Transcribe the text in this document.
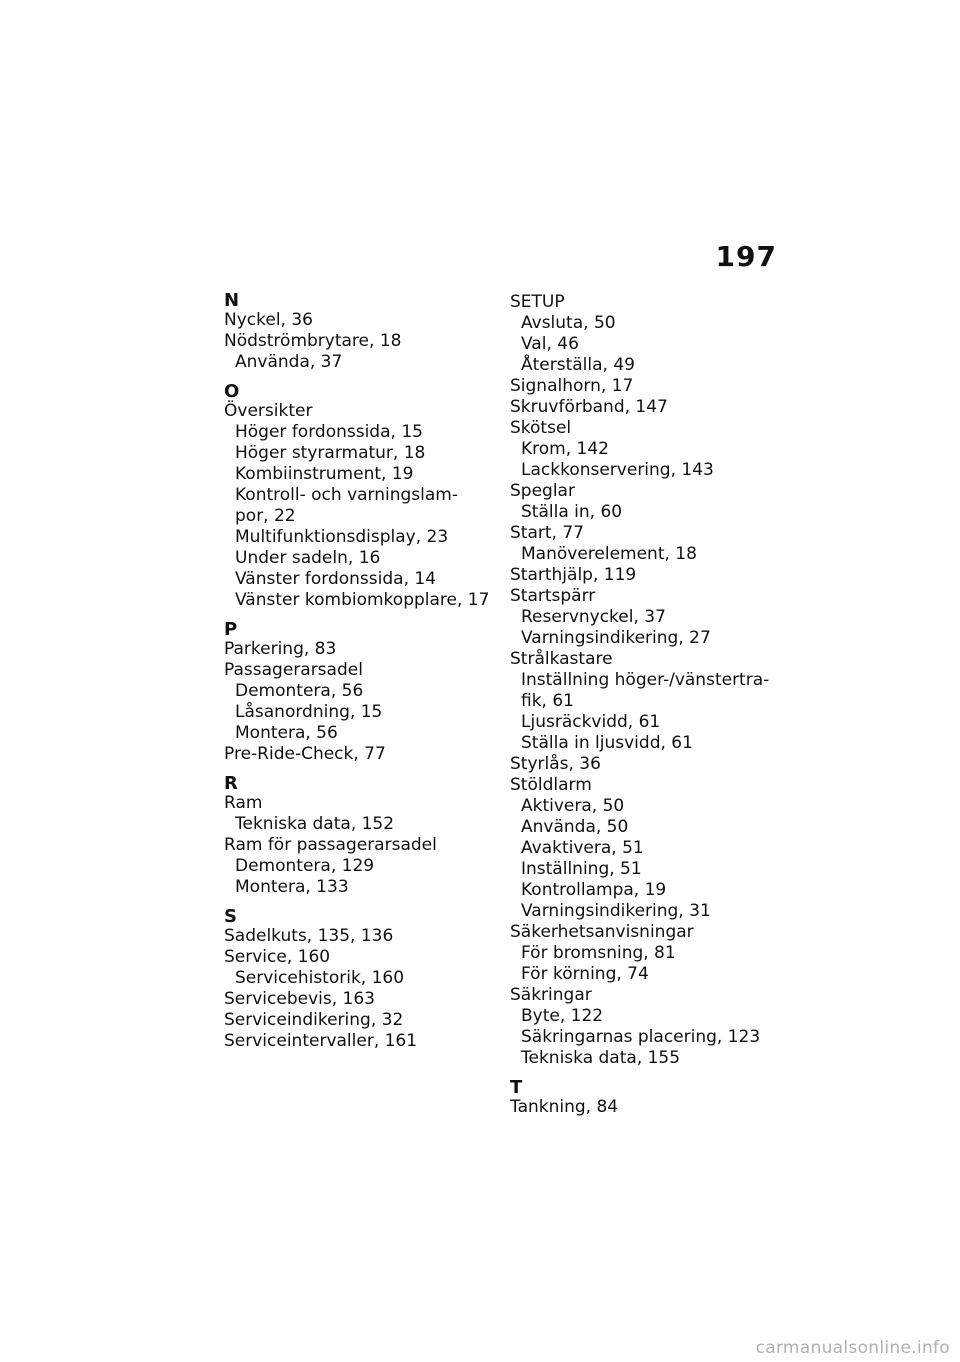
197
N
Nyckel, 36
Nödströmbrytare, 18
Använda, 37
O
Översikter
Höger fordonssida, 15
Höger styrarmatur, 18
Kombiinstrument, 19
Kontroll- och varningslam-
por, 22
Multifunktionsdisplay, 23
Under sadeln, 16
Vänster fordonssida, 14
Vänster kombiomkopplare, 17
P
Parkering, 83
Passagerarsadel
Demontera, 56
Låsanordning, 15
Montera, 56
Pre-Ride-Check, 77
R
Ram
Tekniska data, 152
Ram för passagerarsadel
Demontera, 129
Montera, 133
S
Sadelkuts, 135, 136
Service, 160
Servicehistorik, 160
Servicebevis, 163
Serviceindikering, 32
Serviceintervaller, 161
SETUP
Avsluta, 50
Val, 46
Återställa, 49
Signalhorn, 17
Skruvförband, 147
Skötsel
Krom, 142
Lackkonservering, 143
Speglar
Ställa in, 60
Start, 77
Manöverelement, 18
Starthjälp, 119
Startspärr
Reservnyckel, 37
Varningsindikering, 27
Strålkastare
Inställning höger-/vänstertra-
fik, 61
Ljusräckvidd, 61
Ställa in ljusvidd, 61
Styrlås, 36
Stöldlarm
Aktivera, 50
Använda, 50
Avaktivera, 51
Inställning, 51
Kontrollampa, 19
Varningsindikering, 31
Säkerhetsanvisningar
För bromsning, 81
För körning, 74
Säkringar
Byte, 122
Säkringarnas placering, 123
Tekniska data, 155
T
Tankning, 84
carmanualsonline.info
